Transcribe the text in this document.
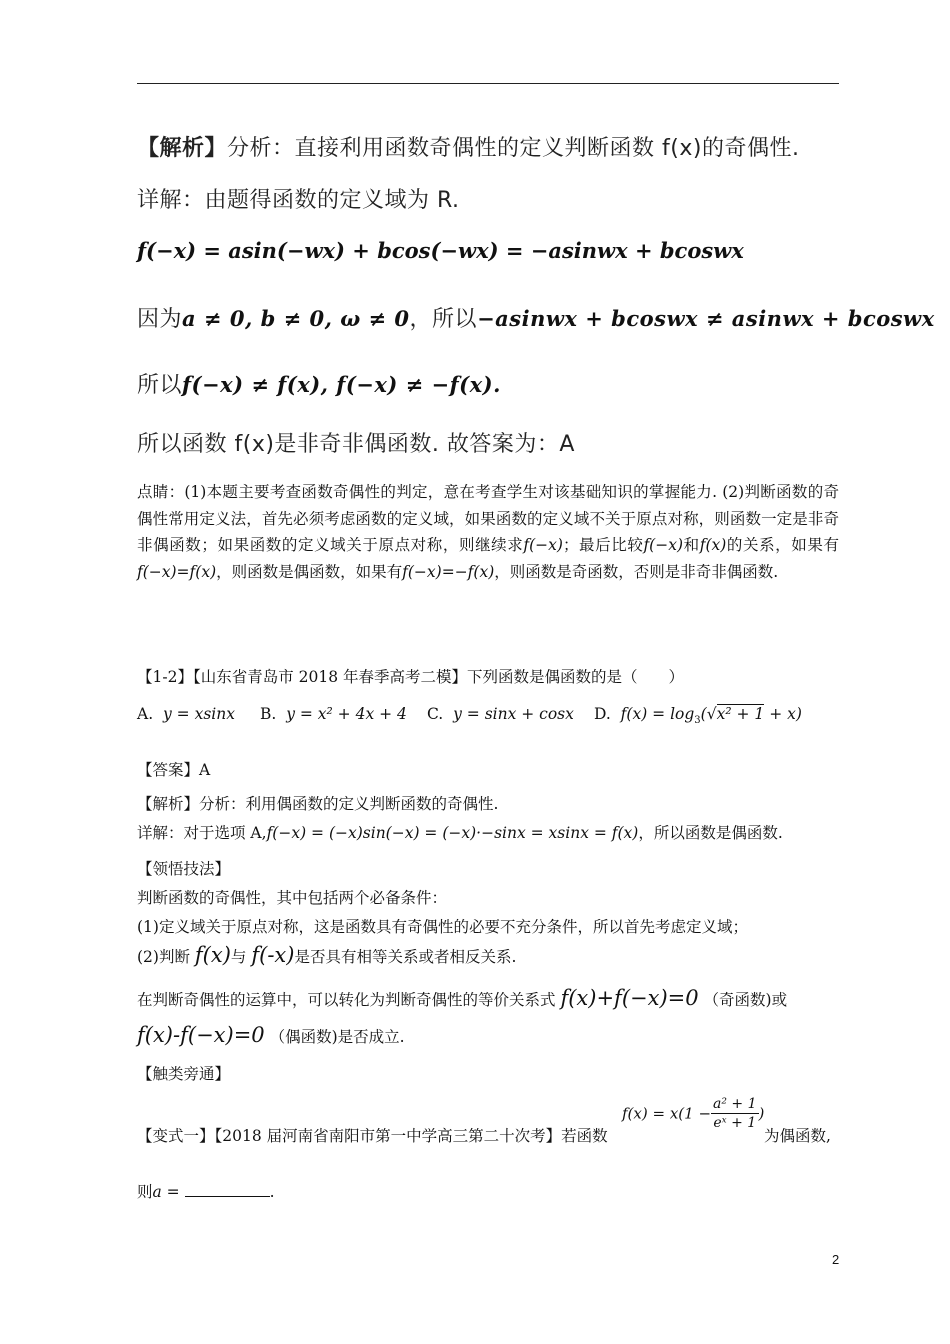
【解析】分析：直接利用函数奇偶性的定义判断函数 f(x)的奇偶性.
详解：由题得函数的定义域为 R.
f(−x) = asin(−wx) + bcos(−wx) = −asinwx + bcoswx
因为a ≠ 0, b ≠ 0, ω ≠ 0，所以−asinwx + bcoswx ≠ asinwx + bcoswx
所以f(−x) ≠ f(x), f(−x) ≠ −f(x).
所以函数 f(x)是非奇非偶函数. 故答案为：A
点睛：(1)本题主要考查函数奇偶性的判定，意在考查学生对该基础知识的掌握能力. (2)判断函数的奇偶性常用定义法，首先必须考虑函数的定义域，如果函数的定义域不关于原点对称，则函数一定是非奇非偶函数；如果函数的定义域关于原点对称，则继续求f(−x)；最后比较f(−x)和f(x)的关系，如果有f(−x)=f(x)，则函数是偶函数，如果有f(−x)=−f(x)，则函数是奇函数，否则是非奇非偶函数.
【1-2】【山东省青岛市 2018 年春季高考二模】下列函数是偶函数的是（　　）
A. y = xsinx B. y = x² + 4x + 4 C. y = sinx + cosx D. $f(x) = \log_3(√x^2 + 1 + x)$
【答案】A
【解析】分析：利用偶函数的定义判断函数的奇偶性.
详解：对于选项 A,f(−x) = (−x)sin(−x) = (−x)·−sinx = xsinx = f(x)，所以函数是偶函数.
【领悟技法】
判断函数的奇偶性，其中包括两个必备条件：
(1)定义域关于原点对称，这是函数具有奇偶性的必要不充分条件，所以首先考虑定义域；
(2)判断 f(x)与 f(-x)是否具有相等关系或者相反关系.
在判断奇偶性的运算中，可以转化为判断奇偶性的等价关系式 f(x)+f(−x)=0 （奇函数)或
f(x)-f(−x)=0 （偶函数)是否成立.
【触类旁通】
【变式一】【2018 届河南省南阳市第一中学高三第二十次考】若函数
$f(x) = x(1 - \frac{\text{a² + 1}}{\text{eˣ + 1}}$ )
为偶函数,
则a =	.
2
